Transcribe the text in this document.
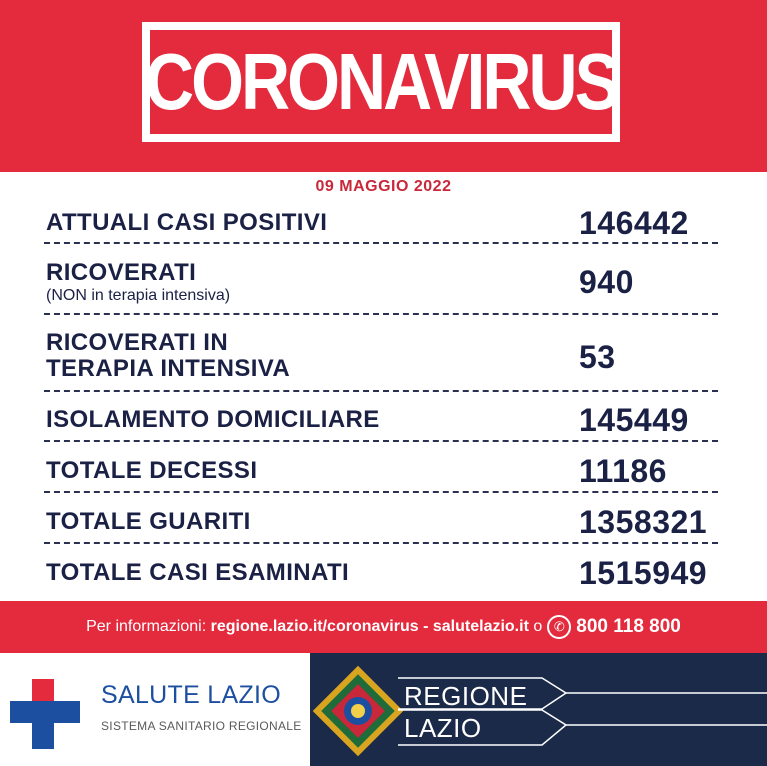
CORONAVIRUS
09 MAGGIO 2022
ATTUALI CASI POSITIVI	146442
RICOVERATI
(NON in terapia intensiva)	940
RICOVERATI IN
TERAPIA INTENSIVA	53
ISOLAMENTO DOMICILIARE	145449
TOTALE DECESSI	11186
TOTALE GUARITI	1358321
TOTALE CASI ESAMINATI	1515949
Per informazioni:
regione.lazio.it/coronavirus
-
salutelazio.it
o ✆ 800 118 800
SALUTE LAZIO
SISTEMA SANITARIO REGIONALE
REGIONE
LAZIO
